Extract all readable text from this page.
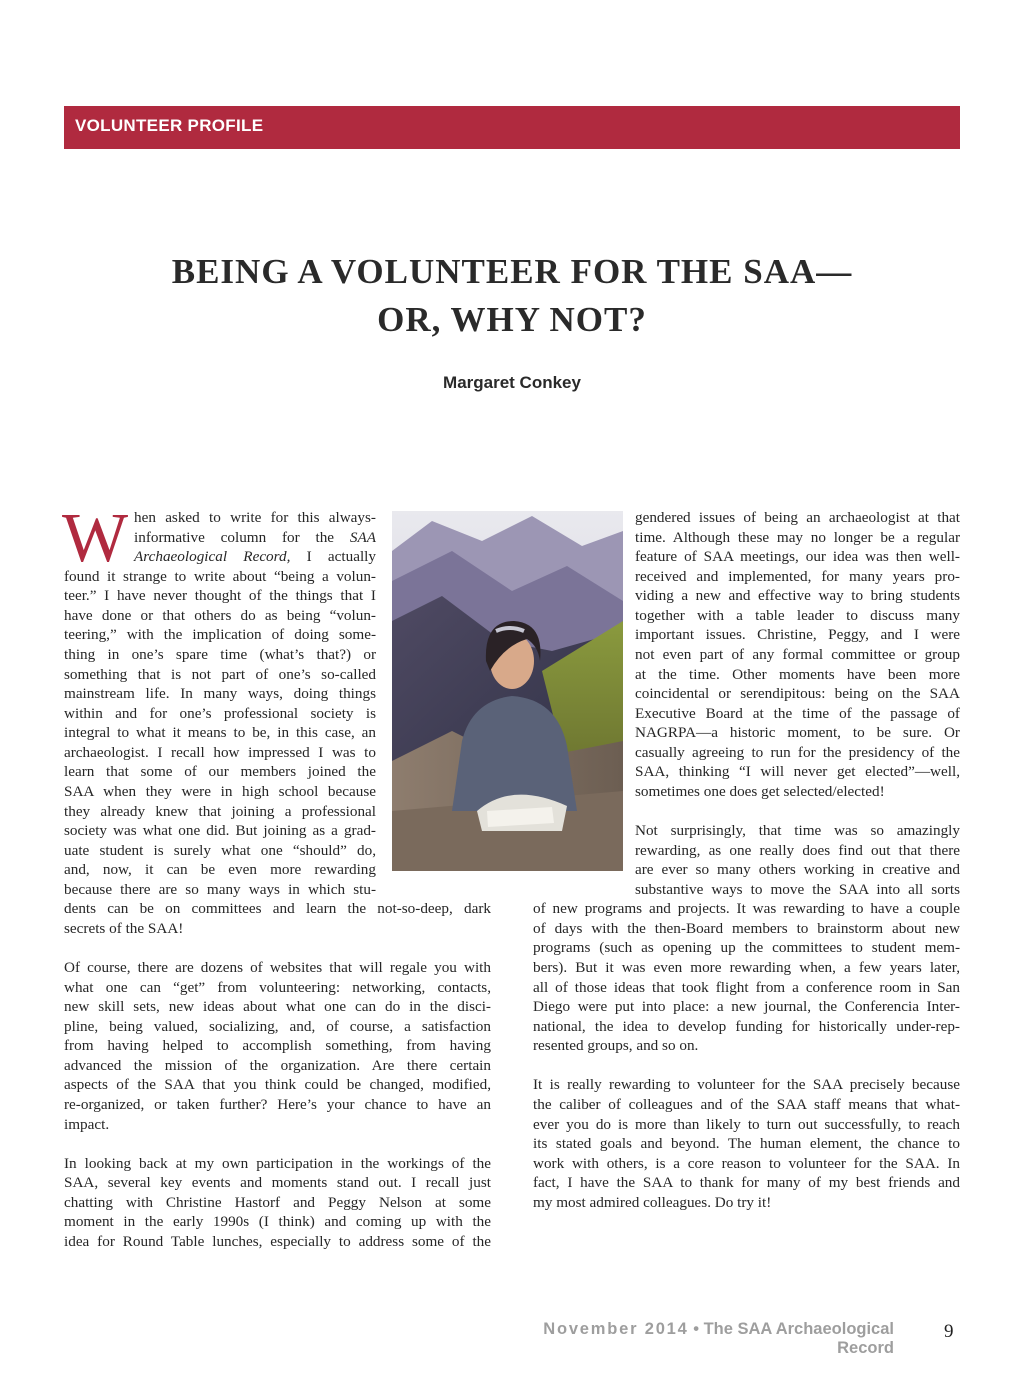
VOLUNTEER PROFILE
BEING A VOLUNTEER FOR THE SAA—
OR, WHY NOT?
Margaret Conkey
W hen asked to write for this always-
informative column for the SAA
Archaeological Record, I actually
found it strange to write about “being a volun-
teer.” I have never thought of the things that I
have done or that others do as being “volun-
teering,” with the implication of doing some-
thing in one’s spare time (what’s that?) or
something that is not part of one’s so-called
mainstream life. In many ways, doing things
within and for one’s professional society is
integral to what it means to be, in this case, an
archaeologist. I recall how impressed I was to
learn that some of our members joined the
SAA when they were in high school because
they already knew that joining a professional
society was what one did. But joining as a grad-
uate student is surely what one “should” do,
and, now, it can be even more rewarding
because there are so many ways in which stu-
dents can be on committees and learn the not-so-deep, dark
secrets of the SAA!
Of course, there are dozens of websites that will regale you with
what one can “get” from volunteering: networking, contacts,
new skill sets, new ideas about what one can do in the disci-
pline, being valued, socializing, and, of course, a satisfaction
from having helped to accomplish something, from having
advanced the mission of the organization. Are there certain
aspects of the SAA that you think could be changed, modified,
re-organized, or taken further? Here’s your chance to have an
impact.
In looking back at my own participation in the workings of the
SAA, several key events and moments stand out. I recall just
chatting with Christine Hastorf and Peggy Nelson at some
moment in the early 1990s (I think) and coming up with the
idea for Round Table lunches, especially to address some of the
gendered issues of being an archaeologist at that
time. Although these may no longer be a regular
feature of SAA meetings, our idea was then well-
received and implemented, for many years pro-
viding a new and effective way to bring students
together with a table leader to discuss many
important issues. Christine, Peggy, and I were
not even part of any formal committee or group
at the time. Other moments have been more
coincidental or serendipitous: being on the SAA
Executive Board at the time of the passage of
NAGRPA—a historic moment, to be sure. Or
casually agreeing to run for the presidency of the
SAA, thinking “I will never get elected”—well,
sometimes one does get selected/elected!
Not surprisingly, that time was so amazingly
rewarding, as one really does find out that there
are ever so many others working in creative and
substantive ways to move the SAA into all sorts
of new programs and projects. It was rewarding to have a couple
of days with the then-Board members to brainstorm about new
programs (such as opening up the committees to student mem-
bers). But it was even more rewarding when, a few years later,
all of those ideas that took flight from a conference room in San
Diego were put into place: a new journal, the Conferencia Inter-
national, the idea to develop funding for historically under-rep-
resented groups, and so on.
It is really rewarding to volunteer for the SAA precisely because
the caliber of colleagues and of the SAA staff means that what-
ever you do is more than likely to turn out successfully, to reach
its stated goals and beyond. The human element, the chance to
work with others, is a core reason to volunteer for the SAA. In
fact, I have the SAA to thank for many of my best friends and
my most admired colleagues. Do try it!
November 2014 • The SAA Archaeological Record
9
